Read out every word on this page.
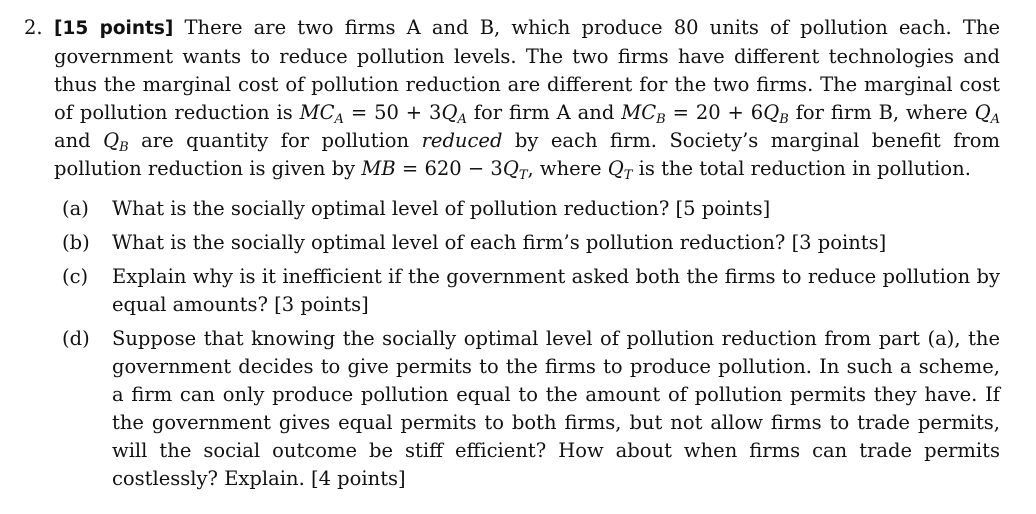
2. [15 points] There are two firms A and B, which produce 80 units of pollution each. The government wants to reduce pollution levels. The two firms have different technologies and thus the marginal cost of pollution reduction are different for the two firms. The marginal cost of pollution reduction is $MC_A = 50 + 3Q_A$ for firm A and $MC_B = 20 + 6Q_B$ for firm B, where $Q_A$ and $Q_B$ are quantity for pollution reduced by each firm. Society’s marginal benefit from pollution reduction is given by MB = $620 - 3Q_T$, where $Q_T$ is the total reduction in pollution.
(a)	What is the socially optimal level of pollution reduction? [5 points]
(b)	What is the socially optimal level of each firm’s pollution reduction? [3 points]
(c)	Explain why is it inefficient if the government asked both the firms to reduce pollution by equal amounts? [3 points]
(d)	Suppose that knowing the socially optimal level of pollution reduction from part (a), the government decides to give permits to the firms to produce pollution. In such a scheme, a firm can only produce pollution equal to the amount of pollution permits they have. If the government gives equal permits to both firms, but not allow firms to trade permits, will the social outcome be stiff efficient? How about when firms can trade permits costlessly? Explain. [4 points]
